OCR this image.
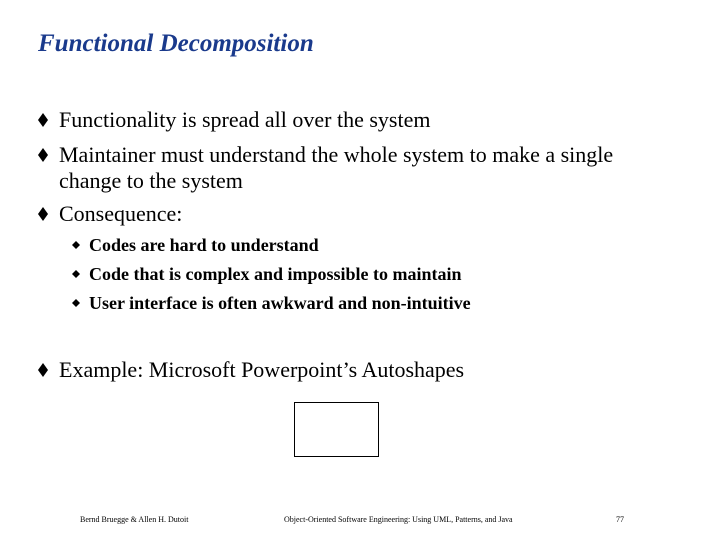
Functional Decomposition
Functionality is spread all over the system
Maintainer must understand the whole system to make a single change to the system
Consequence:
Codes are hard to understand
Code that is complex and impossible to maintain
User interface is often awkward and non-intuitive
Example: Microsoft Powerpoint’s Autoshapes
Bernd Bruegge & Allen H. Dutoit	Object-Oriented Software Engineering: Using UML, Patterns, and Java	77
